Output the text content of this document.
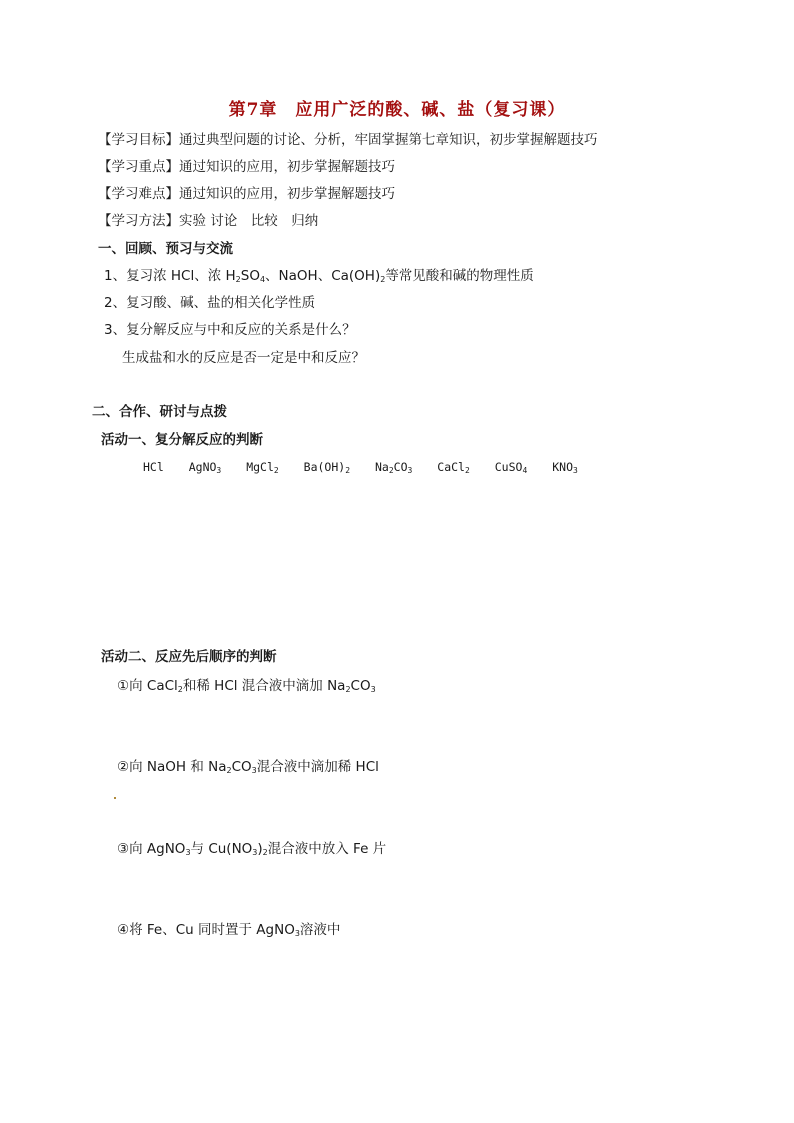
第7章　应用广泛的酸、碱、盐（复习课）
【学习目标】通过典型问题的讨论、分析，牢固掌握第七章知识，初步掌握解题技巧
【学习重点】通过知识的应用，初步掌握解题技巧
【学习难点】通过知识的应用，初步掌握解题技巧
【学习方法】实验 讨论　比较　归纳
一、回顾、预习与交流
1、复习浓 HCl、浓 $H_2SO_4$、NaOH、$Ca(OH)_2$等常见酸和碱的物理性质
2、复习酸、碱、盐的相关化学性质
3、复分解反应与中和反应的关系是什么？
生成盐和水的反应是否一定是中和反应？
二、合作、研讨与点拨
活动一、复分解反应的判断
HCl AgNO$_3$ MgCl$_2$ $Ba(OH)_2$ $Na_2CO_3$ CaCl$_2$ CuSO$_4$ $KNO_3$
活动二、反应先后顺序的判断
①向 CaCl$_2$和稀 HCl 混合液中滴加 $Na_2CO_3$
②向 NaOH 和 $Na_2CO_3$混合液中滴加稀 HCl
③向 AgNO$_3$与 $Cu(NO_3)_2$混合液中放入 Fe 片
④将 Fe、Cu 同时置于 AgNO$_3$溶液中
